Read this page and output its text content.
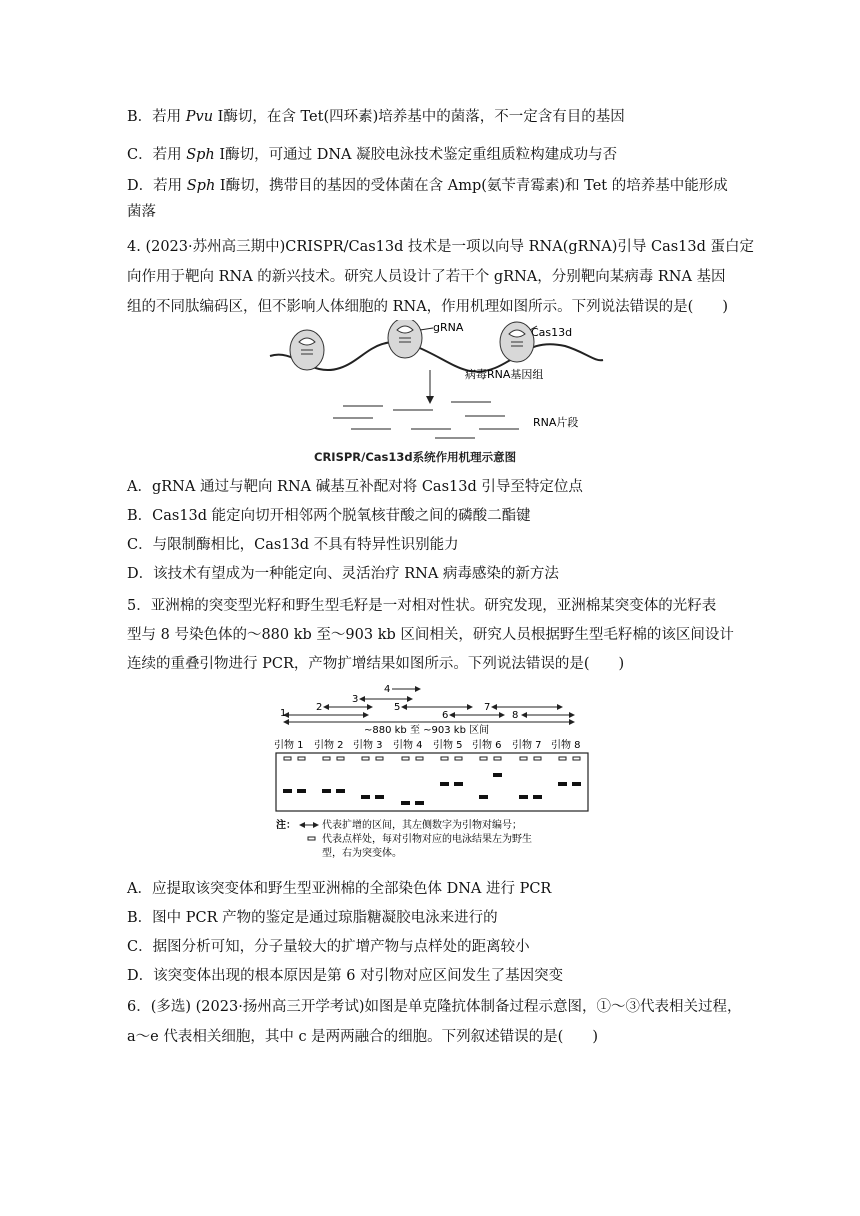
B．若用 Pvu Ⅰ酶切，在含 Tet(四环素)培养基中的菌落，不一定含有目的基因
C．若用 Sph Ⅰ酶切，可通过 DNA 凝胶电泳技术鉴定重组质粒构建成功与否
D．若用 Sph Ⅰ酶切，携带目的基因的受体菌在含 Amp(氨苄青霉素)和 Tet 的培养基中能形成
菌落
4. (2023·苏州高三期中)CRISPR/Cas13d 技术是一项以向导 RNA(gRNA)引导 Cas13d 蛋白定
向作用于靶向 RNA 的新兴技术。研究人员设计了若干个 gRNA，分别靶向某病毒 RNA 基因
组的不同肽编码区，但不影响人体细胞的 RNA，作用机理如图所示。下列说法错误的是(　　)
gRNA	Cas13d
病毒RNA基因组
RNA片段
CRISPR/Cas13d系统作用机理示意图
A．gRNA 通过与靶向 RNA 碱基互补配对将 Cas13d 引导至特定位点
B．Cas13d 能定向切开相邻两个脱氧核苷酸之间的磷酸二酯键
C．与限制酶相比，Cas13d 不具有特异性识别能力
D．该技术有望成为一种能定向、灵活治疗 RNA 病毒感染的新方法
5．亚洲棉的突变型光籽和野生型毛籽是一对相对性状。研究发现，亚洲棉某突变体的光籽表
型与 8 号染色体的～880 kb 至～903 kb 区间相关，研究人员根据野生型毛籽棉的该区间设计
连续的重叠引物进行 PCR，产物扩增结果如图所示。下列说法错误的是(　　)
4
3
2	5	7
1	6	8
~880 kb 至 ~903 kb 区间
引物 1 引物 2 引物 3 引物 4 引物 5 引物 6 引物 7 引物 8
注：	代表扩增的区间，其左侧数字为引物对编号；
代表点样处，每对引物对应的电泳结果左为野生
型，右为突变体。
A．应提取该突变体和野生型亚洲棉的全部染色体 DNA 进行 PCR
B．图中 PCR 产物的鉴定是通过琼脂糖凝胶电泳来进行的
C．据图分析可知，分子量较大的扩增产物与点样处的距离较小
D．该突变体出现的根本原因是第 6 对引物对应区间发生了基因突变
6．(多选) (2023·扬州高三开学考试)如图是单克隆抗体制备过程示意图，①～③代表相关过程，
a～e 代表相关细胞，其中 c 是两两融合的细胞。下列叙述错误的是(　　)
